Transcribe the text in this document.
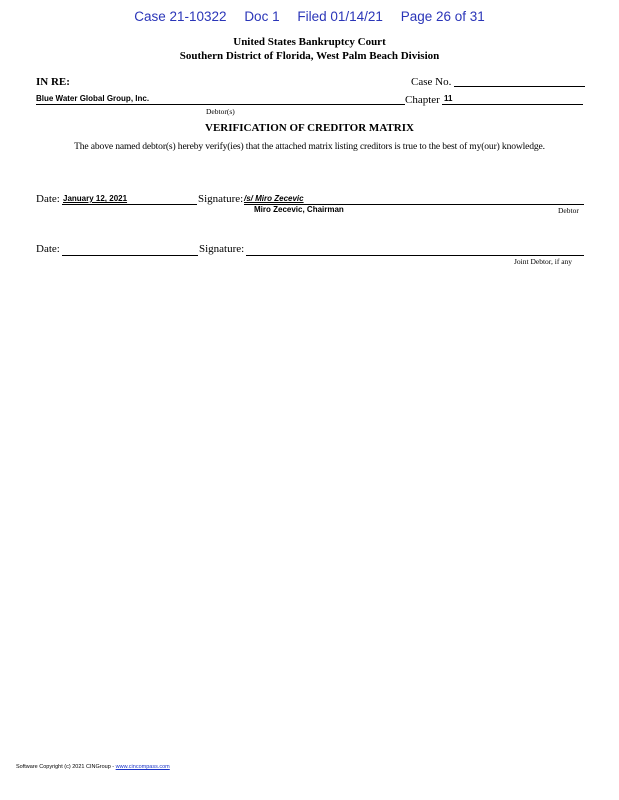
Case 21-10322 Doc 1 Filed 01/14/21 Page 26 of 31
United States Bankruptcy Court
Southern District of Florida, West Palm Beach Division
IN RE:	Case No.
Blue Water Global Group, Inc.	Chapter 11
Debtor(s)
VERIFICATION OF CREDITOR MATRIX
The above named debtor(s) hereby verify(ies) that the attached matrix listing creditors is true to the best of my(our) knowledge.
Date: January 12, 2021	Signature: /s/ Miro Zecevic
Miro Zecevic, Chairman	Debtor
Date:	Signature:
Joint Debtor, if any
Software Copyright (c) 2021 CINGroup - www.cincompass.com
